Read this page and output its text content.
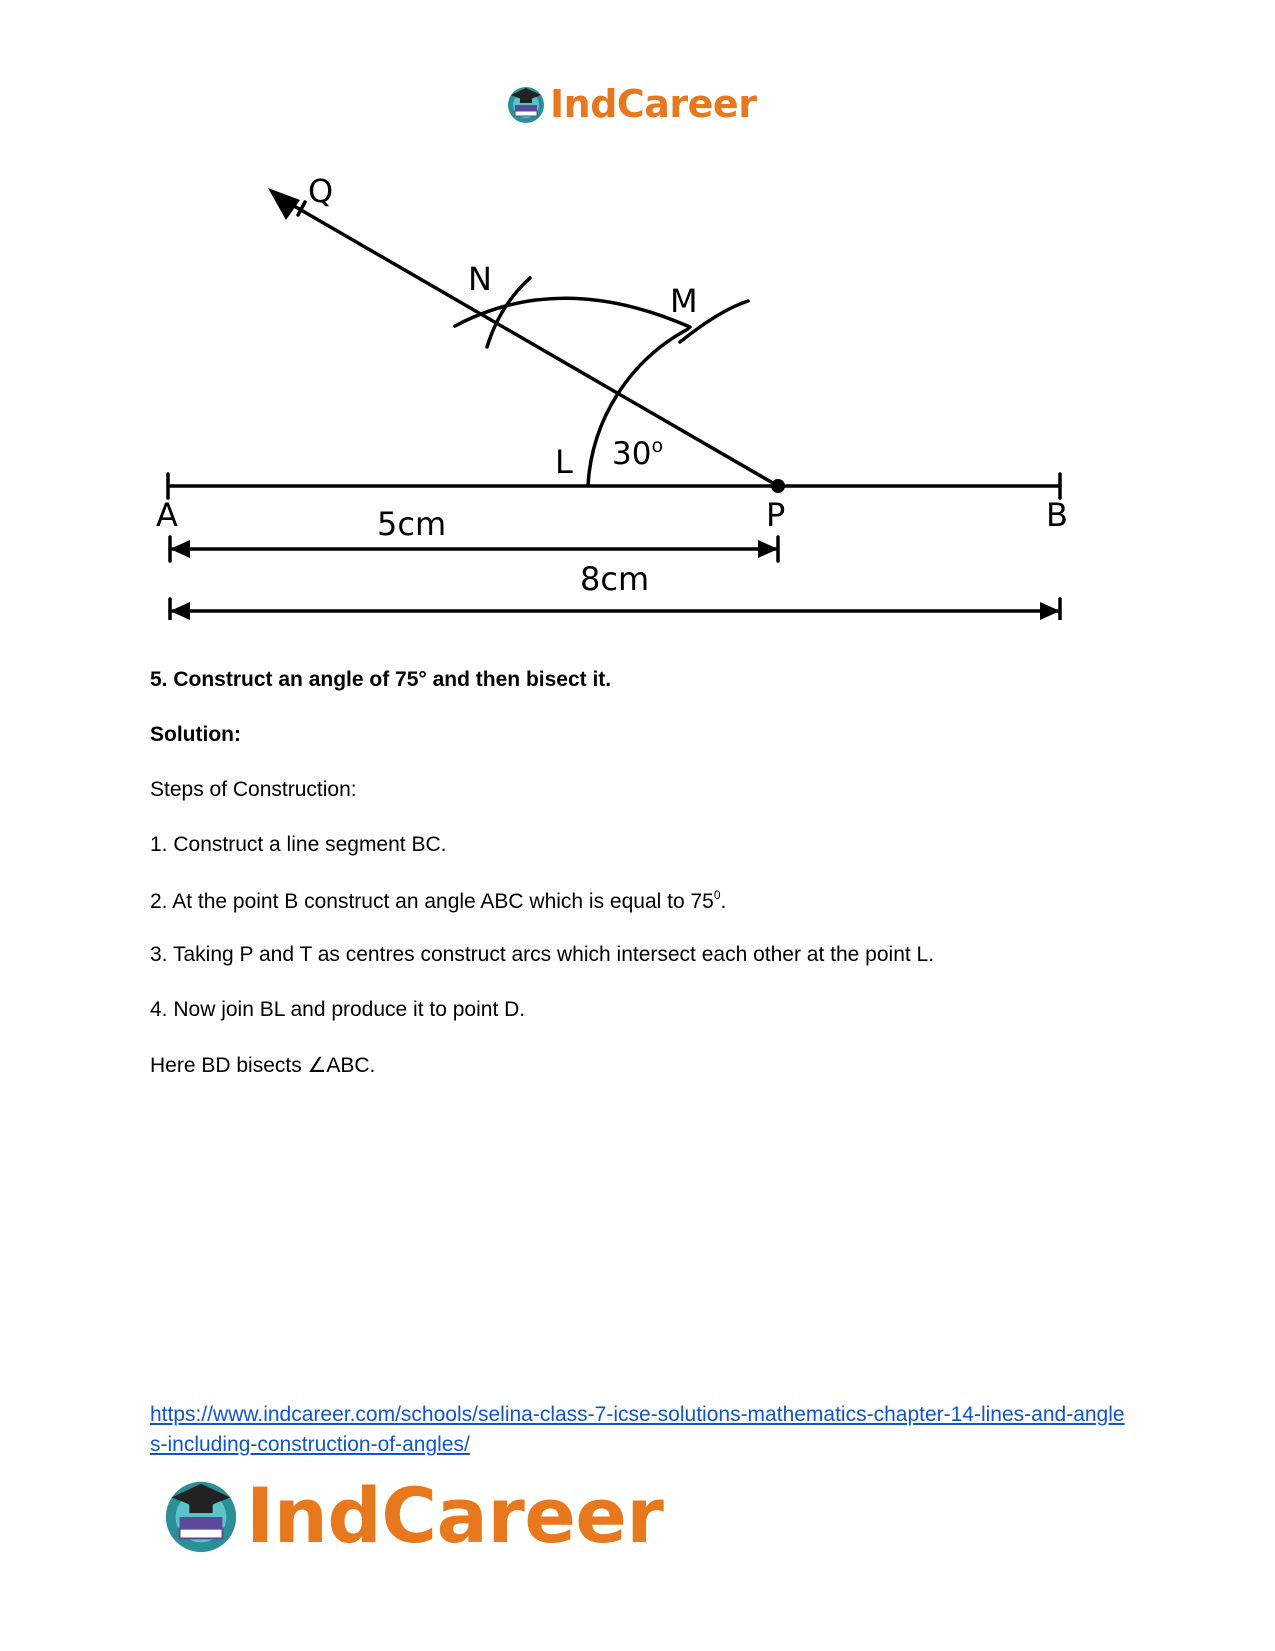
IndCareer
Q
N
M
L 30$^o$
A	P	B
5cm
8cm

5. Construct an angle of 75° and then bisect it.

Solution:

Steps of Construction:

1. Construct a line segment BC.

2. At the point B construct an angle ABC which is equal to $75^0$.

3. Taking P and T as centres construct arcs which intersect each other at the point L.

4. Now join BL and produce it to point D.

Here BD bisects ∠ABC.

https://www.indcareer.com/schools/selina-class-7-icse-solutions-mathematics-chapter-14-lines-and-angles-including-construction-of-angles/
IndCareer
